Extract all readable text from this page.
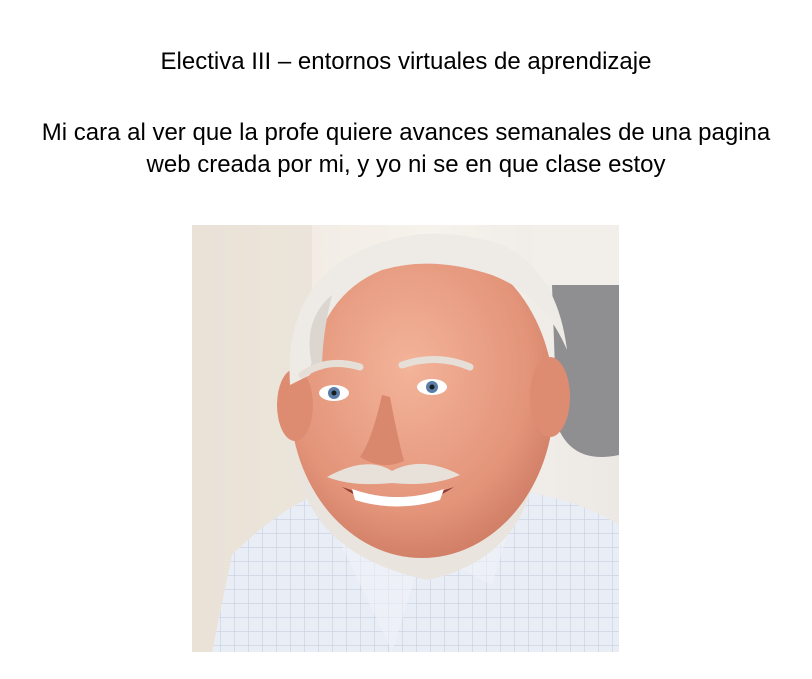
Electiva III – entornos virtuales de aprendizaje
Mi cara al ver que la profe quiere avances semanales de una pagina
web creada por mi, y yo ni se en que clase estoy
